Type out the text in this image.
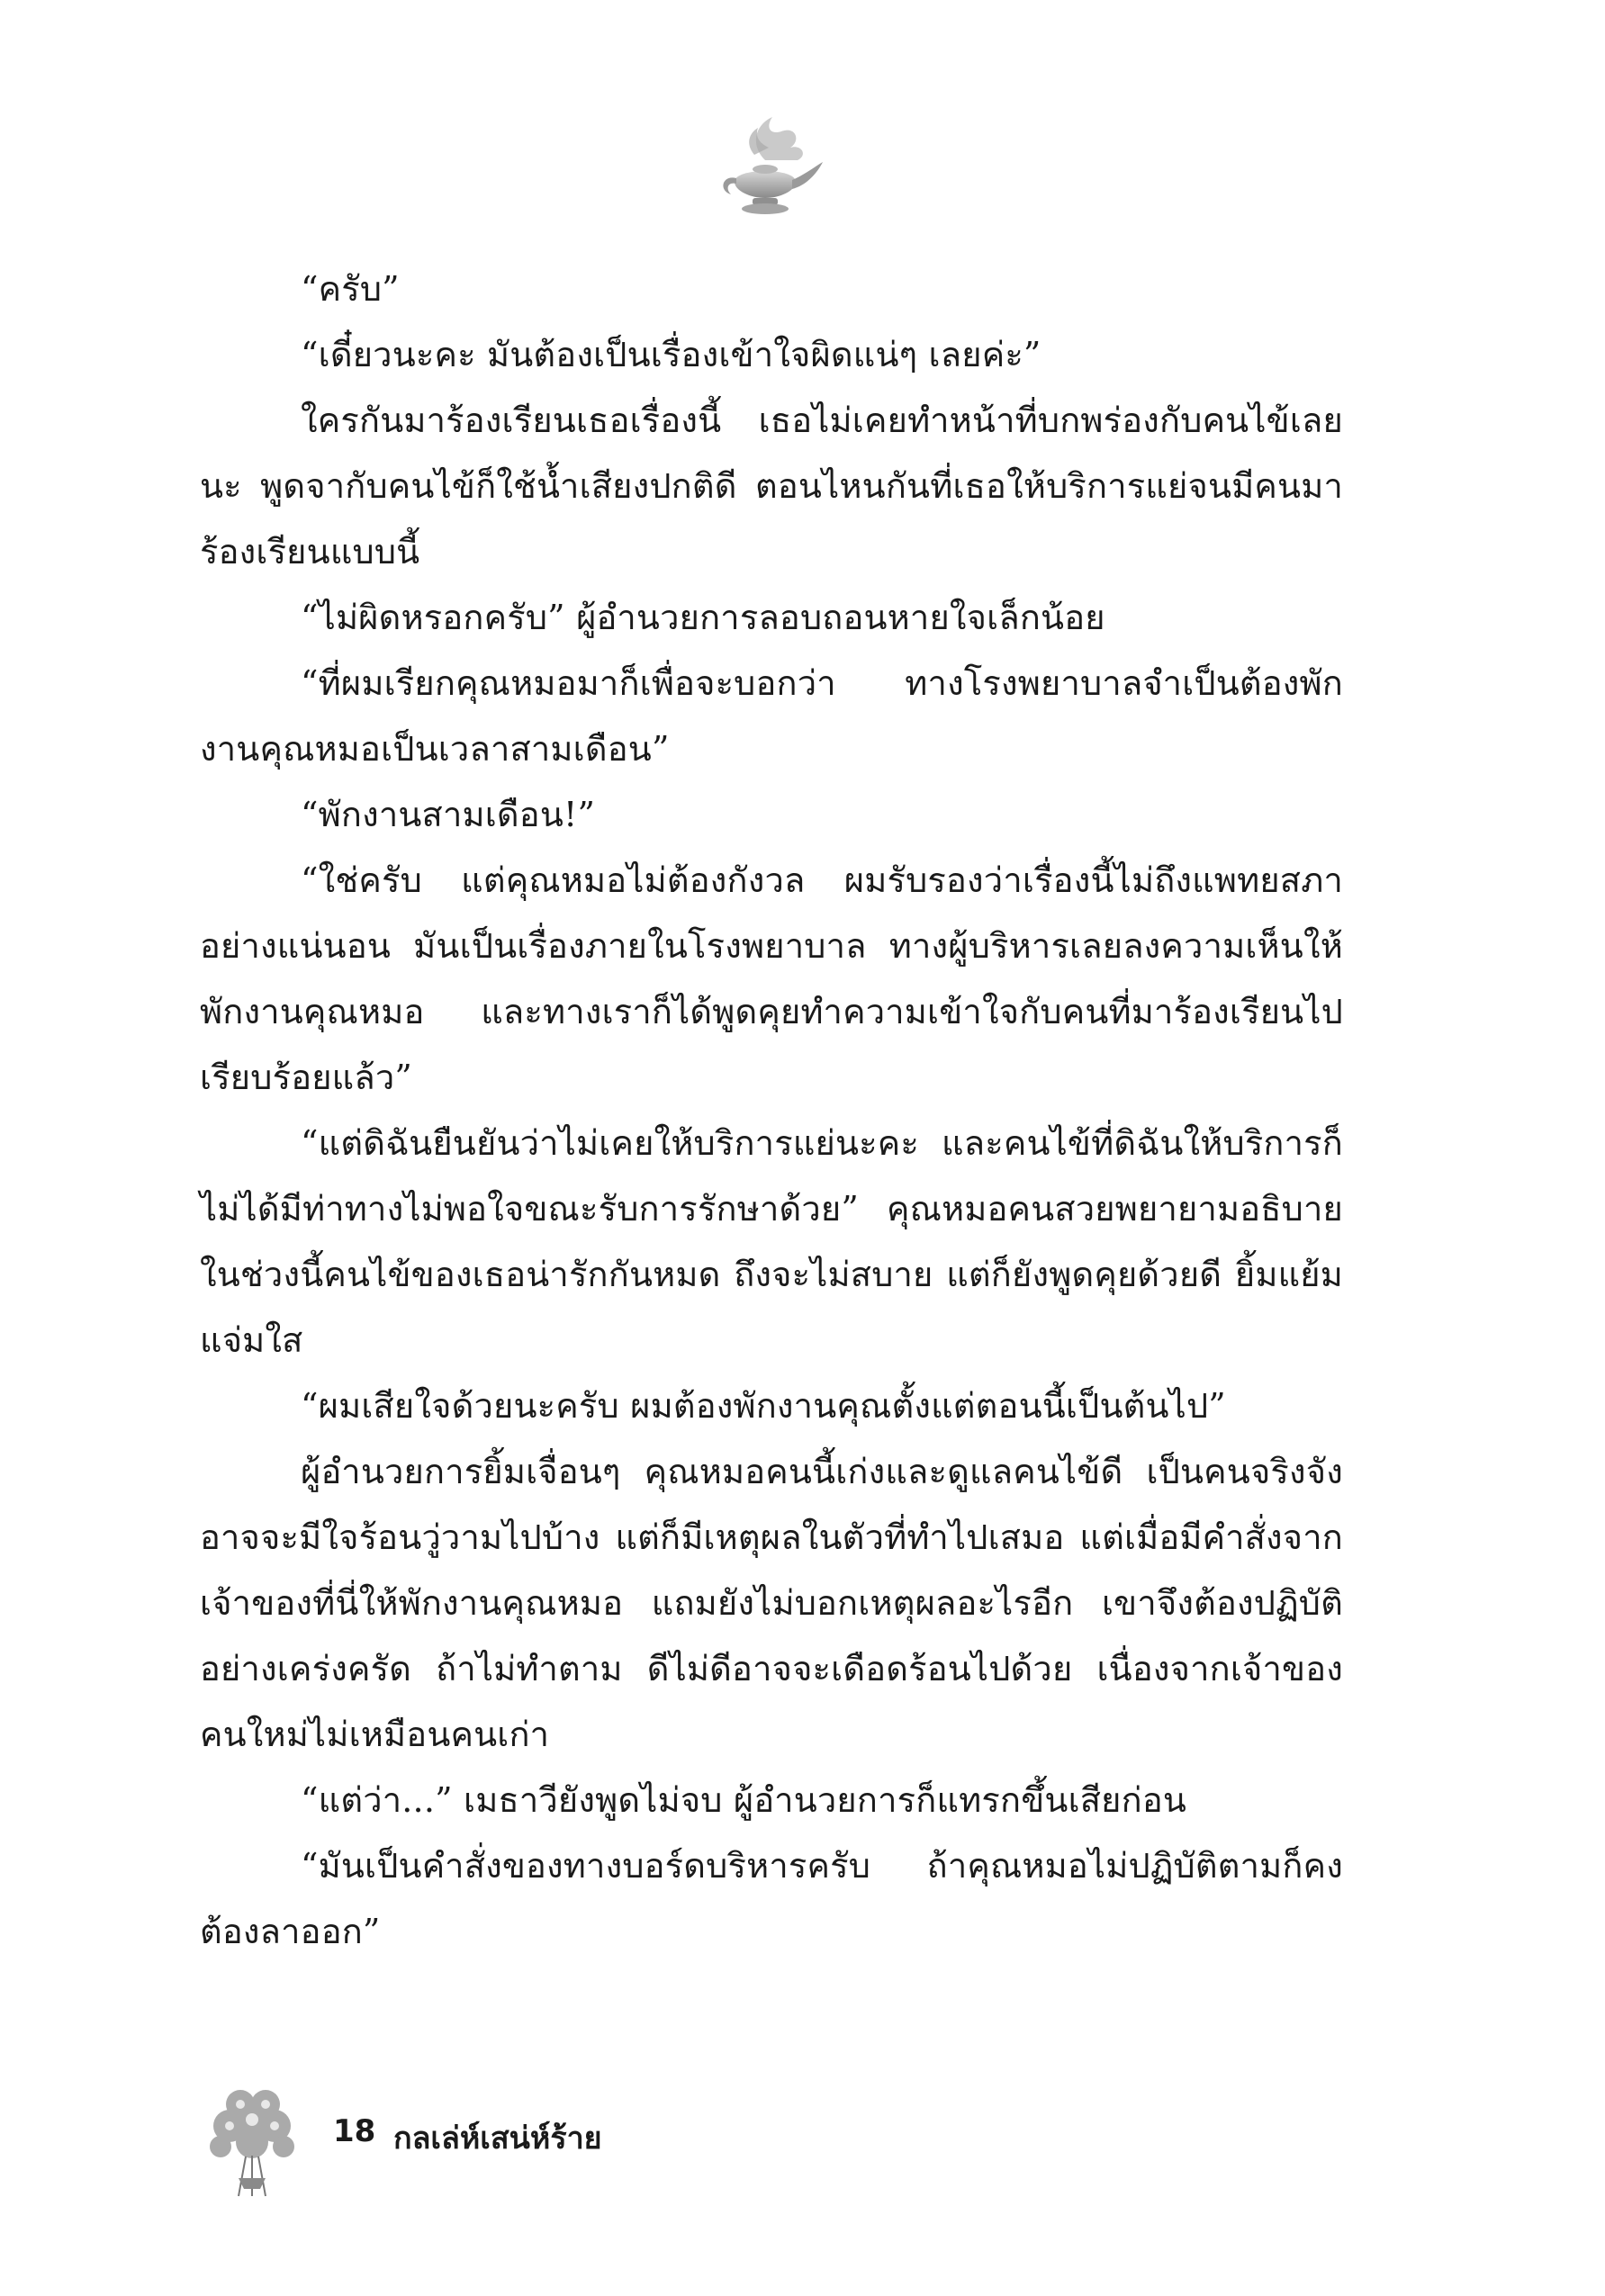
“ครับ”

“เดี๋ยวนะคะ มันต้องเป็นเรื่องเข้าใจผิดแน่ๆ เลยค่ะ”

ใครกันมาร้องเรียนเธอเรื่องนี้ เธอไม่เคยทำหน้าที่บกพร่องกับคนไข้เลยนะ พูดจากับคนไข้ก็ใช้น้ำเสียงปกติดี ตอนไหนกันที่เธอให้บริการแย่จนมีคนมาร้องเรียนแบบนี้

“ไม่ผิดหรอกครับ” ผู้อำนวยการลอบถอนหายใจเล็กน้อย

“ที่ผมเรียกคุณหมอมาก็เพื่อจะบอกว่า ทางโรงพยาบาลจำเป็นต้องพักงานคุณหมอเป็นเวลาสามเดือน”

“พักงานสามเดือน!”

“ใช่ครับ แต่คุณหมอไม่ต้องกังวล ผมรับรองว่าเรื่องนี้ไม่ถึงแพทยสภาอย่างแน่นอน มันเป็นเรื่องภายในโรงพยาบาล ทางผู้บริหารเลยลงความเห็นให้พักงานคุณหมอ และทางเราก็ได้พูดคุยทำความเข้าใจกับคนที่มาร้องเรียนไปเรียบร้อยแล้ว”

“แต่ดิฉันยืนยันว่าไม่เคยให้บริการแย่นะคะ และคนไข้ที่ดิฉันให้บริการก็ไม่ได้มีท่าทางไม่พอใจขณะรับการรักษาด้วย” คุณหมอคนสวยพยายามอธิบาย ในช่วงนี้คนไข้ของเธอน่ารักกันหมด ถึงจะไม่สบาย แต่ก็ยังพูดคุยด้วยดี ยิ้มแย้มแจ่มใส

“ผมเสียใจด้วยนะครับ ผมต้องพักงานคุณตั้งแต่ตอนนี้เป็นต้นไป”

ผู้อำนวยการยิ้มเจื่อนๆ คุณหมอคนนี้เก่งและดูแลคนไข้ดี เป็นคนจริงจัง อาจจะมีใจร้อนวู่วามไปบ้าง แต่ก็มีเหตุผลในตัวที่ทำไปเสมอ แต่เมื่อมีคำสั่งจากเจ้าของที่นี่ให้พักงานคุณหมอ แถมยังไม่บอกเหตุผลอะไรอีก เขาจึงต้องปฏิบัติอย่างเคร่งครัด ถ้าไม่ทำตาม ดีไม่ดีอาจจะเดือดร้อนไปด้วย เนื่องจากเจ้าของคนใหม่ไม่เหมือนคนเก่า

“แต่ว่า...” เมธาวียังพูดไม่จบ ผู้อำนวยการก็แทรกขึ้นเสียก่อน

“มันเป็นคำสั่งของทางบอร์ดบริหารครับ ถ้าคุณหมอไม่ปฏิบัติตามก็คงต้องลาออก”

18 กลเล่ห์เสน่ห์ร้าย
